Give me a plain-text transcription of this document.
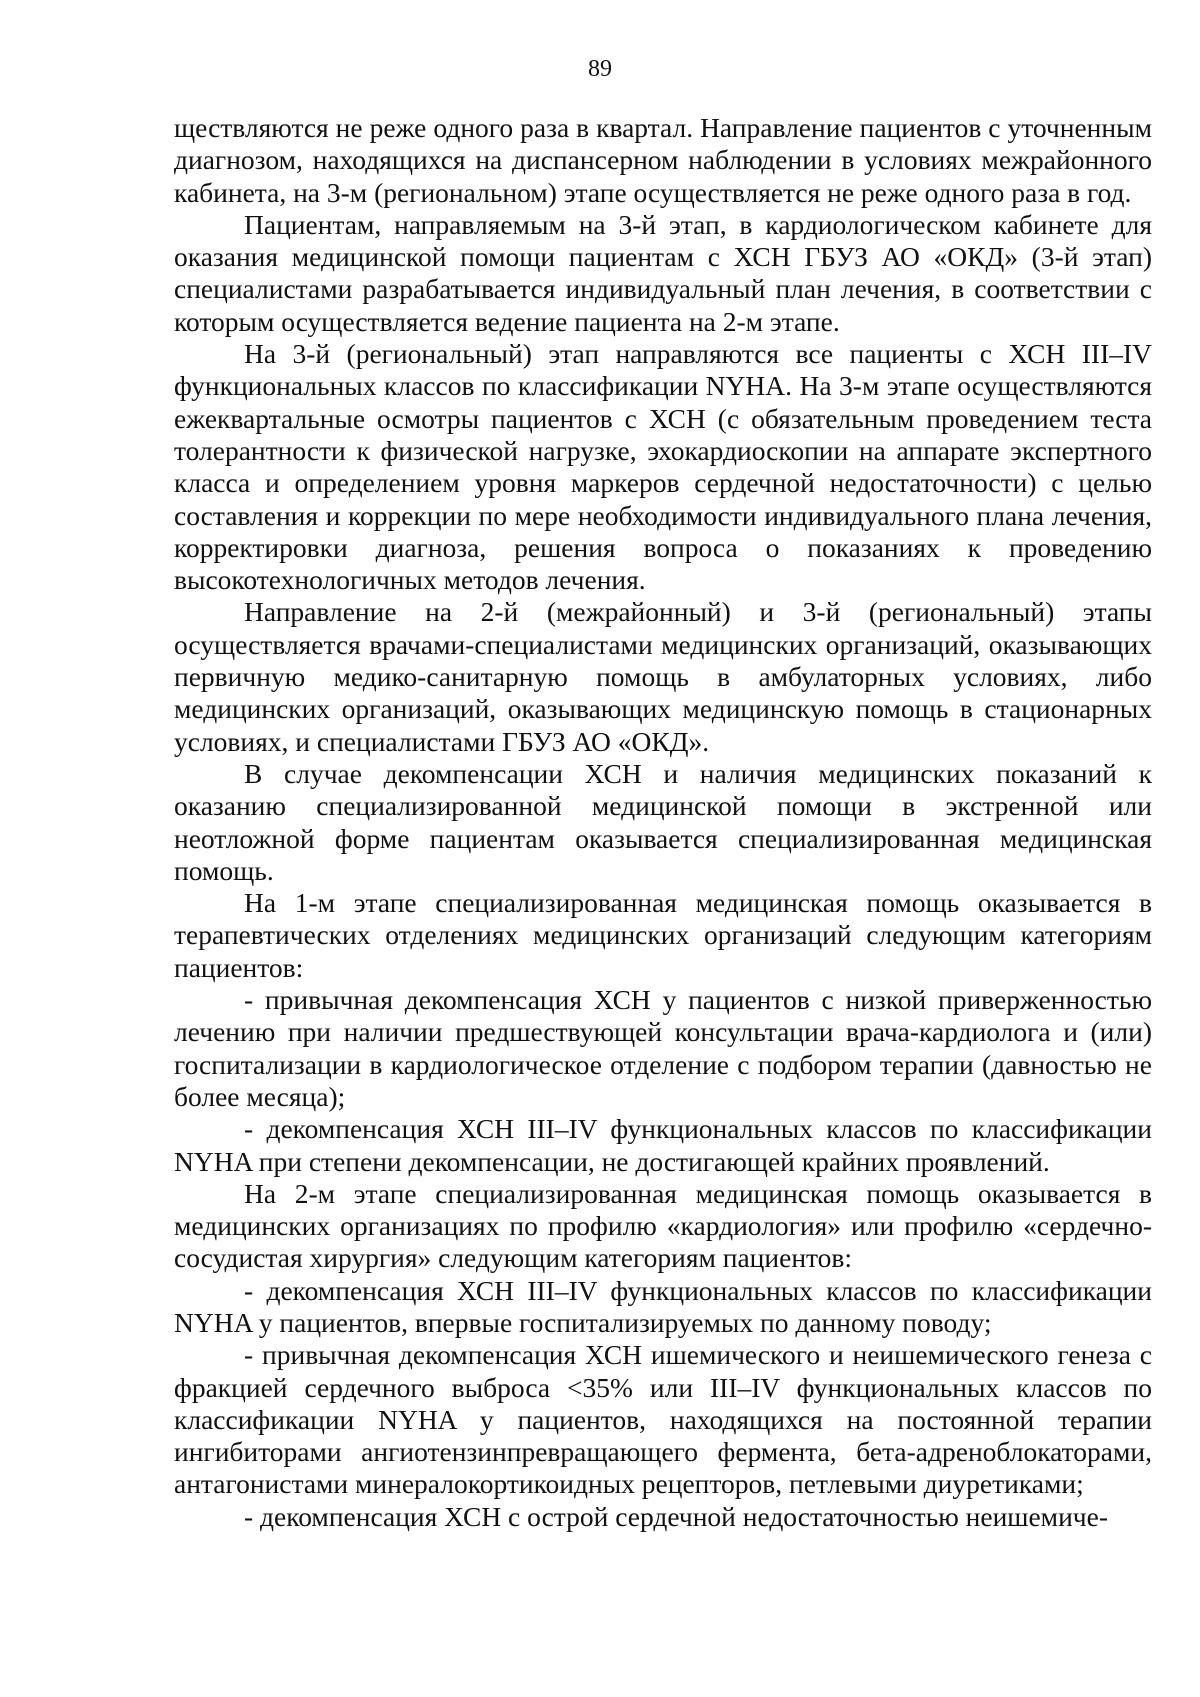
89

ществляются не реже одного раза в квартал. Направление пациентов с уточненным диагнозом, находящихся на диспансерном наблюдении в условиях межрайонного кабинета, на 3-м (региональном) этапе осуществляется не реже одного раза в год.

Пациентам, направляемым на 3-й этап, в кардиологическом кабинете для оказания медицинской помощи пациентам с ХСН ГБУЗ АО «ОКД» (3-й этап) специалистами разрабатывается индивидуальный план лечения, в соответствии с которым осуществляется ведение пациента на 2-м этапе.

На 3-й (региональный) этап направляются все пациенты с ХСН III–IV функциональных классов по классификации NYHA. На 3-м этапе осуществляются ежеквартальные осмотры пациентов с ХСН (с обязательным проведением теста толерантности к физической нагрузке, эхокардиоскопии на аппарате экспертного класса и определением уровня маркеров сердечной недостаточности) с целью составления и коррекции по мере необходимости индивидуального плана лечения, корректировки диагноза, решения вопроса о показаниях к проведению высокотехнологичных методов лечения.

Направление на 2-й (межрайонный) и 3-й (региональный) этапы осуществляется врачами-специалистами медицинских организаций, оказывающих первичную медико-санитарную помощь в амбулаторных условиях, либо медицинских организаций, оказывающих медицинскую помощь в стационарных условиях, и специалистами ГБУЗ АО «ОКД».

В случае декомпенсации ХСН и наличия медицинских показаний к оказанию специализированной медицинской помощи в экстренной или неотложной форме пациентам оказывается специализированная медицинская помощь.

На 1-м этапе специализированная медицинская помощь оказывается в терапевтических отделениях медицинских организаций следующим категориям пациентов:

- привычная декомпенсация ХСН у пациентов с низкой приверженностью лечению при наличии предшествующей консультации врача-кардиолога и (или) госпитализации в кардиологическое отделение с подбором терапии (давностью не более месяца);

- декомпенсация ХСН III–IV функциональных классов по классификации NYHA при степени декомпенсации, не достигающей крайних проявлений.

На 2-м этапе специализированная медицинская помощь оказывается в медицинских организациях по профилю «кардиология» или профилю «сердечно-сосудистая хирургия» следующим категориям пациентов:

- декомпенсация ХСН III–IV функциональных классов по классификации NYHA у пациентов, впервые госпитализируемых по данному поводу;

- привычная декомпенсация ХСН ишемического и неишемического генеза с фракцией сердечного выброса <35% или III–IV функциональных классов по классификации NYHA у пациентов, находящихся на постоянной терапии ингибиторами ангиотензинпревращающего фермента, бета-адреноблокаторами, антагонистами минералокортикоидных рецепторов, петлевыми диуретиками;

- декомпенсация ХСН с острой сердечной недостаточностью неишемиче-
